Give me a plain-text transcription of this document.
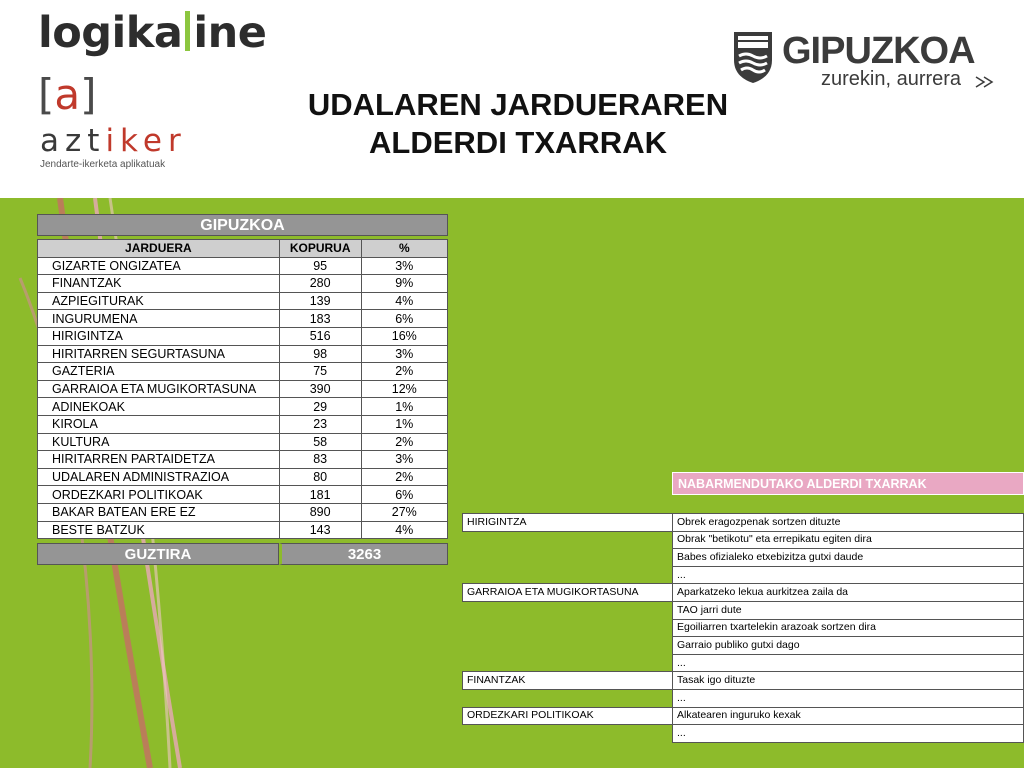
logika ine
[a]
aztiker
Jendarte-ikerketa aplikatuak
GIPUZKOA
zurekin, aurrera
UDALAREN JARDUERAREN
ALDERDI TXARRAK
GIPUZKOA
JARDUERA	KOPURUA	%
GIZARTE ONGIZATEA	95	3%
FINANTZAK	280	9%
AZPIEGITURAK	139	4%
INGURUMENA	183	6%
HIRIGINTZA	516	16%
HIRITARREN SEGURTASUNA	98	3%
GAZTERIA	75	2%
GARRAIOA ETA MUGIKORTASUNA	390	12%
ADINEKOAK	29	1%
KIROLA	23	1%
KULTURA	58	2%
HIRITARREN PARTAIDETZA	83	3%
UDALAREN ADMINISTRAZIOA	80	2%
ORDEZKARI POLITIKOAK	181	6%
BAKAR BATEAN ERE EZ	890	27%
BESTE BATZUK	143	4%
GUZTIRA	3263
NABARMENDUTAKO ALDERDI TXARRAK
HIRIGINTZA	Obrek eragozpenak sortzen dituzte
	Obrak "betikotu" eta errepikatu egiten dira
	Babes ofizialeko etxebizitza gutxi daude
	...
GARRAIOA ETA MUGIKORTASUNA	Aparkatzeko lekua aurkitzea zaila da
	TAO jarri dute
	Egoiliarren txartelekin arazoak sortzen dira
	Garraio publiko gutxi dago
	...
FINANTZAK	Tasak igo dituzte
	...
ORDEZKARI POLITIKOAK	Alkatearen inguruko kexak
	...
